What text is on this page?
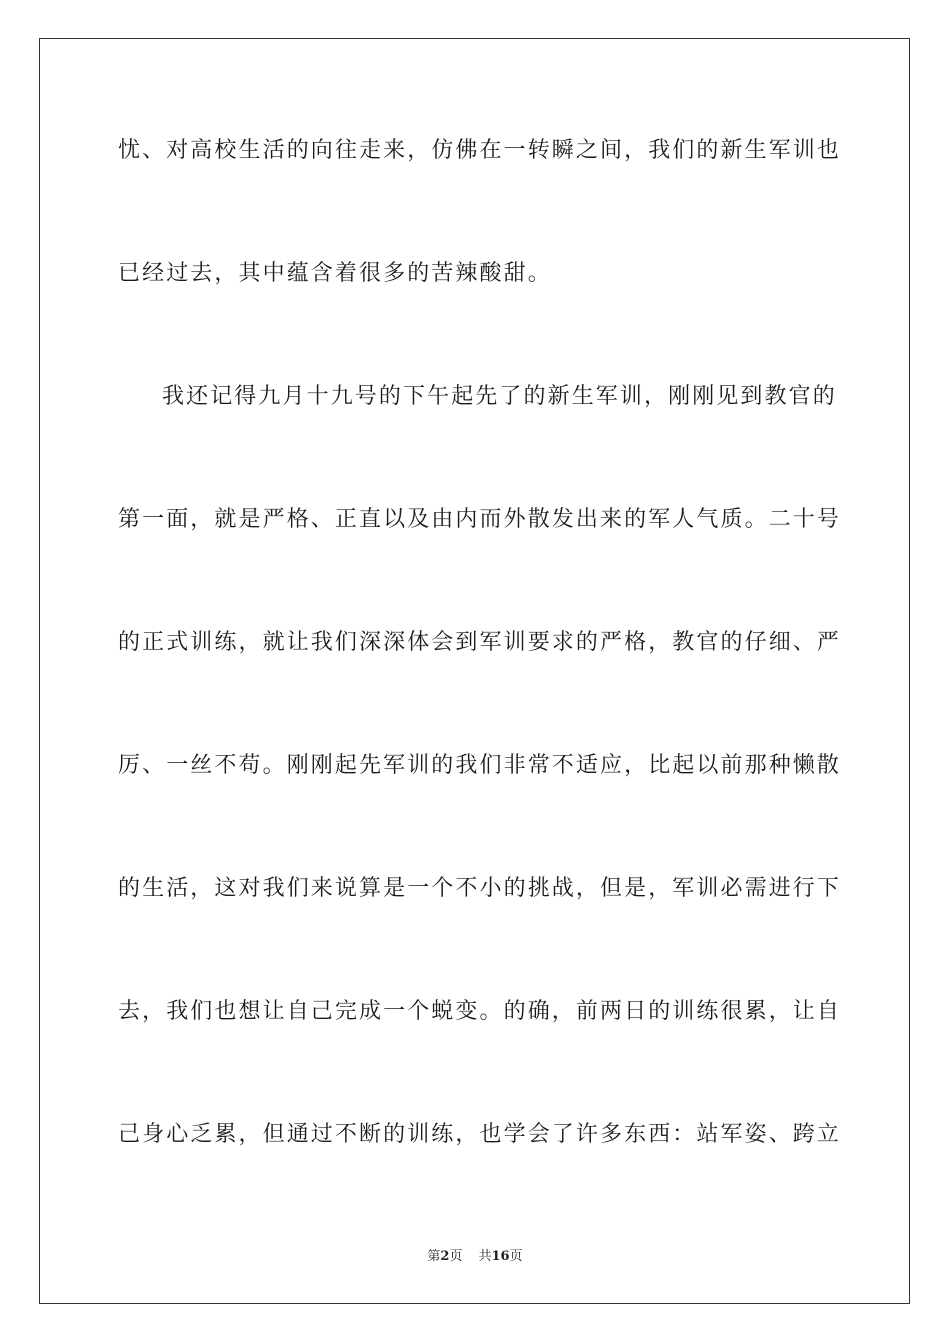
忧、对高校生活的向往走来，仿佛在一转瞬之间，我们的新生军训也
已经过去，其中蕴含着很多的苦辣酸甜。
我还记得九月十九号的下午起先了的新生军训，刚刚见到教官的
第一面，就是严格、正直以及由内而外散发出来的军人气质。二十号
的正式训练，就让我们深深体会到军训要求的严格，教官的仔细、严
厉、一丝不苟。刚刚起先军训的我们非常不适应，比起以前那种懒散
的生活，这对我们来说算是一个不小的挑战，但是，军训必需进行下
去，我们也想让自己完成一个蜕变。的确，前两日的训练很累，让自
己身心乏累，但通过不断的训练，也学会了许多东西：站军姿、跨立
第2页 共16页
